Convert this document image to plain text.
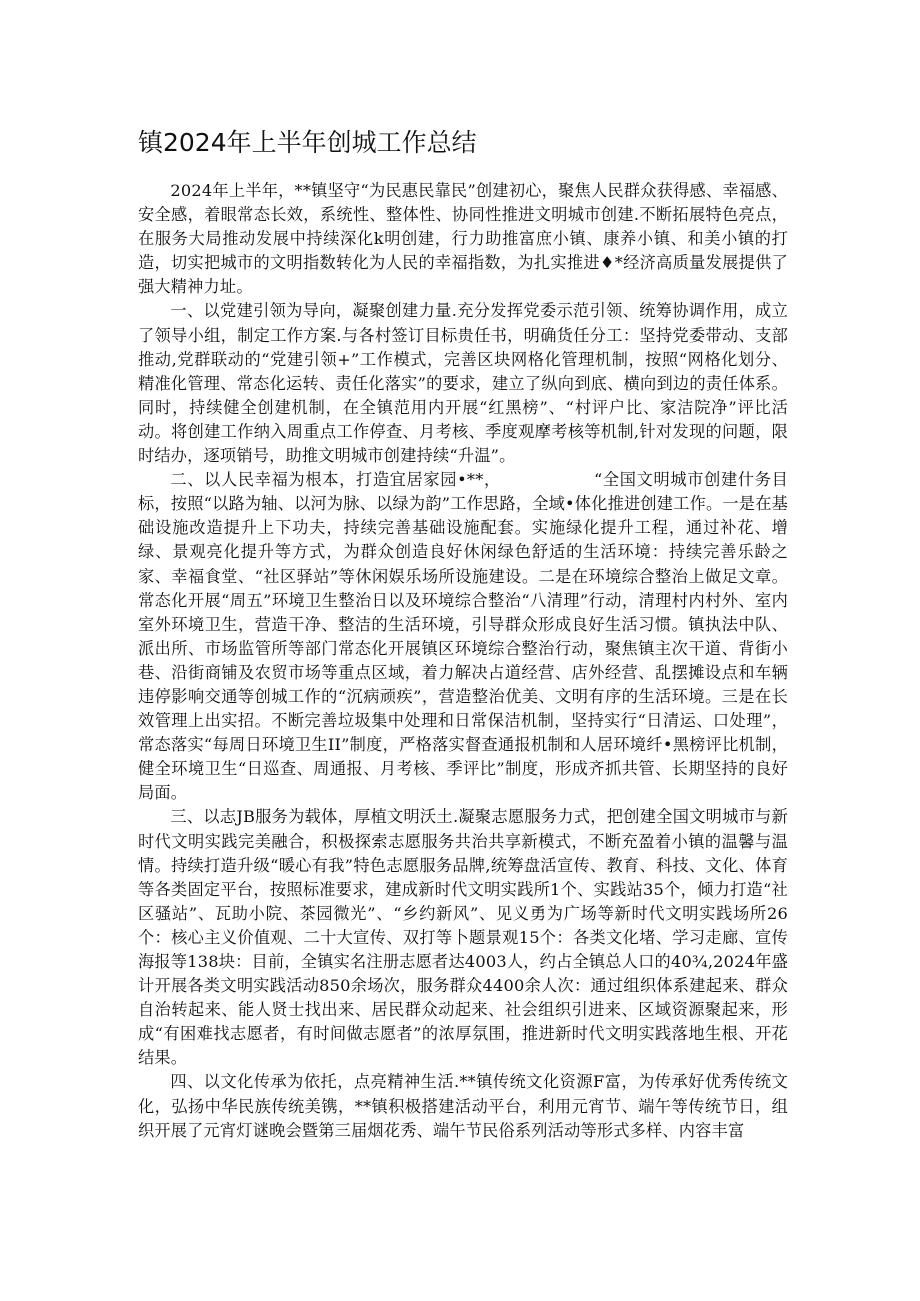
镇2024年上半年创城工作总结

2024年上半年，**镇坚守“为民惠民靠民”创建初心，聚焦人民群众获得感、幸福感、安全感，着眼常态长效，系统性、整体性、协同性推进文明城市创建.不断拓展特色亮点，在服务大局推动发展中持续深化k明创建，行力助推富庶小镇、康养小镇、和美小镇的打造，切实把城市的文明指数转化为人民的幸福指数，为扎实推进♦*经济高质量发展提供了强大精神力址。

一、以党建引领为导向，凝聚创建力量.充分发挥党委示范引领、统筹协调作用，成立了领导小组，制定工作方案.与各村签订目标贵任书，明确货任分工：坚持党委带动、支部推动,党群联动的“党建引领+”工作模式，完善区块网格化管理机制，按照“网格化划分、精准化管理、常态化运转、责任化落实”的要求，建立了纵向到底、横向到边的责任体系。同时，持续健全创建机制，在全镇范用内开展“红黑榜”、“村评户比、家洁院净”评比活动。将创建工作纳入周重点工作停查、月考核、季度观摩考核等机制,针对发现的问题，限时结办，逐项销号，助推文明城市创建持续“升温”。

二、以人民幸福为根本，打造宜居家园•**，　　　　　　“全国文明城市创建什务目标，按照“以路为轴、以河为脉、以绿为韵”工作思路，全域•体化推进创建工作。一是在基础设施改造提升上下功夫，持续完善基础设施配套。实施绿化提升工程，通过补花、增绿、景观亮化提升等方式，为群众创造良好休闲绿色舒适的生活环境：持续完善乐龄之家、幸福食堂、“社区驿站”等休闲娱乐场所设施建设。二是在环境综合整治上做足文章。常态化开展“周五”环境卫生整治日以及环境综合整治“八清理”行动，清理村内村外、室内室外环境卫生，营造干净、整洁的生活环境，引导群众形成良好生活习惯。镇执法中队、派出所、市场监管所等部门常态化开展镇区环境综合整治行动，聚焦镇主次干道、背街小巷、沿街商铺及农贸市场等重点区域，着力解决占道经营、店外经营、乱摆摊设点和车辆违停影响交通等创城工作的“沉病顽疾”，营造整治优美、文明有序的生活环境。三是在长效管理上出实招。不断完善垃圾集中处理和日常保洁机制，坚持实行“日清运、口处理”，常态落实“每周日环境卫生II”制度，严格落实督查通报机制和人居环境纤•黑榜评比机制，健全环境卫生“日巡查、周通报、月考核、季评比”制度，形成齐抓共管、长期坚持的良好局面。

三、以志JB服务为载体，厚植文明沃土.凝聚志愿服务力式，把创建全国文明城市与新时代文明实践完美融合，积极探索志愿服务共治共享新模式，不断充盈着小镇的温馨与温情。持续打造升级“暖心有我”特色志愿服务品牌,统筹盘活宣传、教育、科技、文化、体育等各类固定平台，按照标准要求，建成新时代文明实践所1个、实践站35个，倾力打造“社区骚站”、瓦助小院、茶园微光”、“乡约新风”、见义勇为广场等新时代文明实践场所26个：核心主义价值观、二十大宣传、双打等卜题景观15个：各类文化堵、学习走廊、宣传海报等138块：目前，全镇实名注册志愿者达4003人，约占全镇总人口的40¾,2024年盛计开展各类文明实践活动850余场次，服务群众4400余人次：通过组织体系建起来、群众自治转起来、能人贤士找出来、居民群众动起来、社会组织引进来、区域资源聚起来，形成“有困难找志愿者，有时间做志愿者”的浓厚氛围，推进新时代文明实践落地生根、开花结果。

四、以文化传承为依托，点亮精神生活.**镇传统文化资源F富，为传承好优秀传统文化，弘扬中华民族传统美镌，**镇积极搭建活动平台，利用元宵节、端午等传统节日，组织开展了元宵灯谜晚会暨第三届烟花秀、端午节民俗系列活动等形式多样、内容丰富
